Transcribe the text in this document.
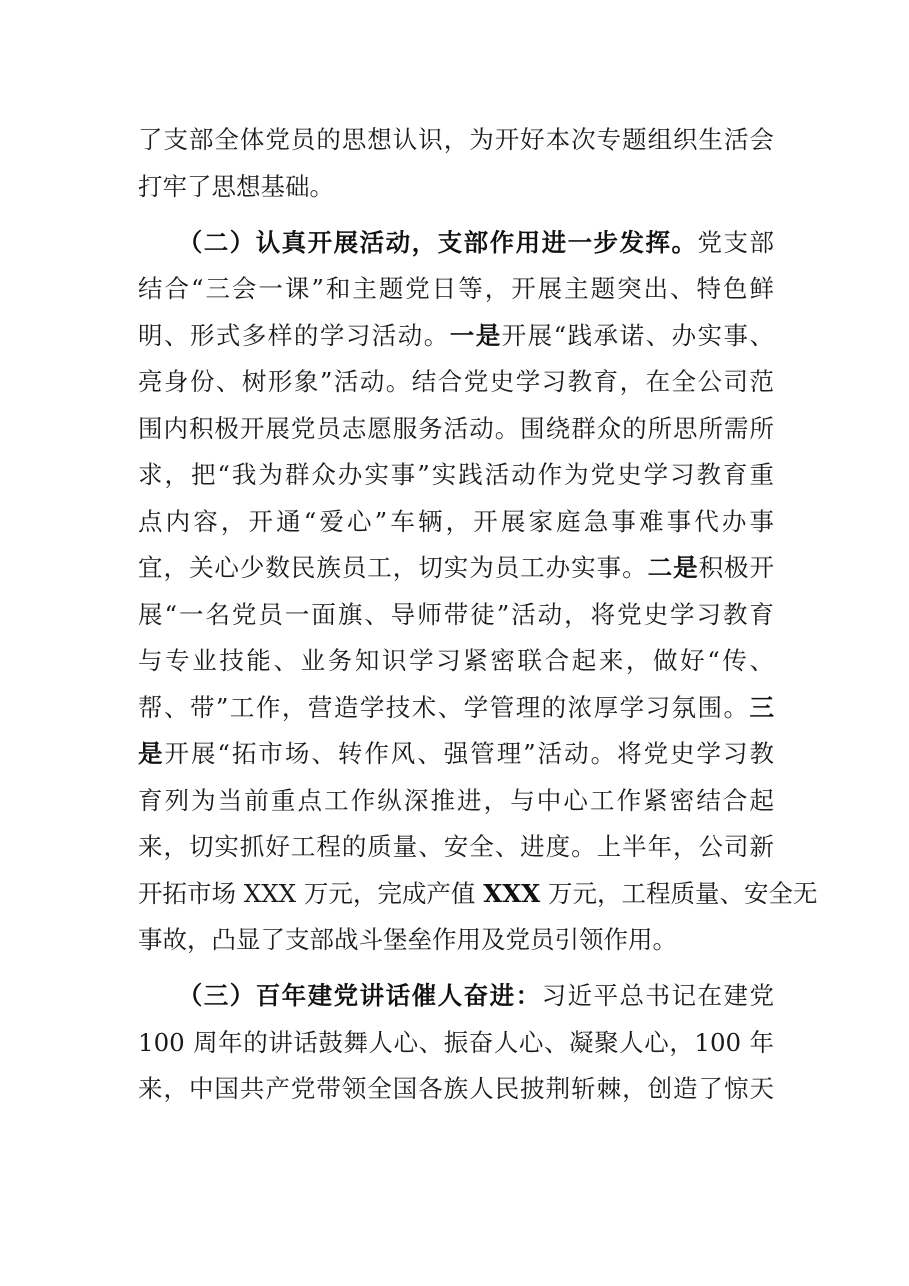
了支部全体党员的思想认识，为开好本次专题组织生活会
打牢了思想基础。
　　（二）认真开展活动，支部作用进一步发挥。党支部
结合“三会一课”和主题党日等，开展主题突出、特色鲜
明、形式多样的学习活动。一是开展“践承诺、办实事、
亮身份、树形象”活动。结合党史学习教育，在全公司范
围内积极开展党员志愿服务活动。围绕群众的所思所需所
求，把“我为群众办实事”实践活动作为党史学习教育重
点内容，开通“爱心”车辆，开展家庭急事难事代办事
宜，关心少数民族员工，切实为员工办实事。二是积极开
展“一名党员一面旗、导师带徒”活动，将党史学习教育
与专业技能、业务知识学习紧密联合起来，做好“传、
帮、带”工作，营造学技术、学管理的浓厚学习氛围。三
是开展“拓市场、转作风、强管理”活动。将党史学习教
育列为当前重点工作纵深推进，与中心工作紧密结合起
来，切实抓好工程的质量、安全、进度。上半年，公司新
开拓市场 XXX 万元，完成产值 XXX 万元，工程质量、安全无
事故，凸显了支部战斗堡垒作用及党员引领作用。
　　（三）百年建党讲话催人奋进：习近平总书记在建党
100 周年的讲话鼓舞人心、振奋人心、凝聚人心，100 年
来，中国共产党带领全国各族人民披荆斩棘，创造了惊天
